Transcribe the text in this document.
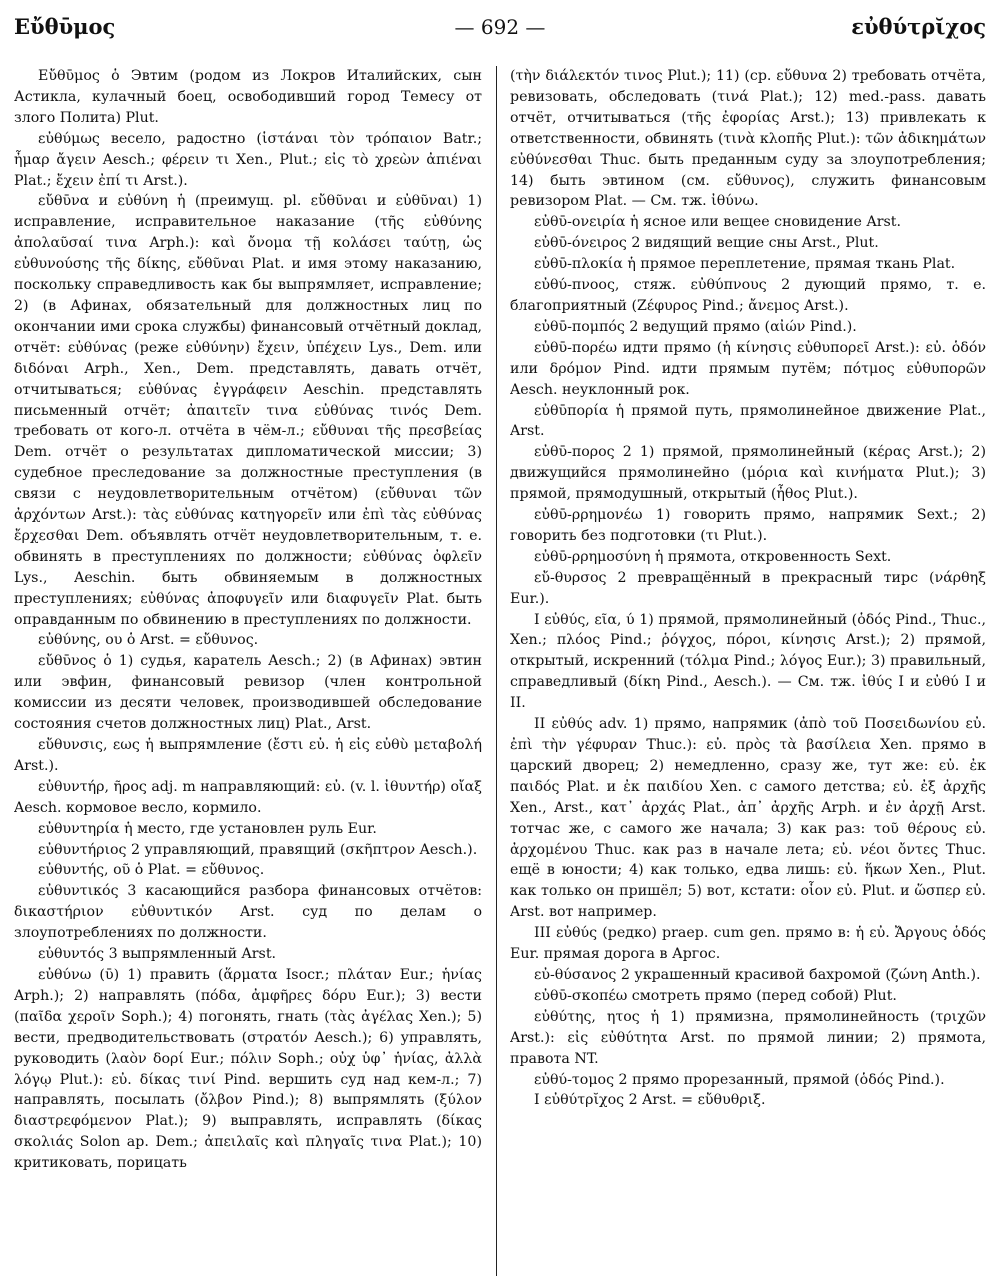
Εὔθῡμος	— 692 —	εὐθύτρῐχος

Εὔθῡμος ὁ Эвтим (родом из Локров Италийских, сын Астикла, кулачный боец, освободивший город Темесу от злого Полита) Plut.

εὐθύμως весело, радостно (ἱστάναι τὸν τρόπαιον Batr.; ἦμαρ ἄγειν Aesch.; φέρειν τι Xen., Plut.; εἰς τὸ χρεὼν ἀπιέναι Plat.; ἔχειν ἐπί τι Arst.).

εὔθῡνα и εὐθύνη ἡ (преимущ. pl. εὔθῦναι и εὐθῦναι) 1) исправление, исправительное наказание (τῆς εὐθύνης ἀπολαῦσαί τινα Arph.): καὶ ὄνομα τῇ κολάσει ταύτῃ, ὡς εὐθυνούσης τῆς δίκης, εὔθῦναι Plat. и имя этому наказанию, поскольку справедливость как бы выпрямляет, исправление; 2) (в Афинах, обязательный для должностных лиц по окончании ими срока службы) финансовый отчётный доклад, отчёт: εὐθύνας (реже εὐθύνην) ἔχειν, ὑπέχειν Lys., Dem. или διδόναι Arph., Xen., Dem. представлять, давать отчёт, отчитываться; εὐθύνας ἐγγράφειν Aeschin. представлять письменный отчёт; ἀπαιτεῖν τινα εὐθύνας τινός Dem. требовать от кого-л. отчёта в чём-л.; εὔθυναι τῆς πρεσβείας Dem. отчёт о результатах дипломатической миссии; 3) судебное преследование за должностные преступления (в связи с неудовлетворительным отчётом) (εὔθυναι τῶν ἀρχόντων Arst.): τὰς εὐθύνας κατηγορεῖν или ἐπὶ τὰς εὐθύνας ἔρχεσθαι Dem. объявлять отчёт неудовлетворительным, т. е. обвинять в преступлениях по должности; εὐθύνας ὀφλεῖν Lys., Aeschin. быть обвиняемым в должностных преступлениях; εὐθύνας ἀποφυγεῖν или διαφυγεῖν Plat. быть оправданным по обвинению в преступлениях по должности.

εὐθύνης, ου ὁ Arst. = εὔθυνος.

εὔθῡνος ὁ 1) судья, каратель Aesch.; 2) (в Афинах) эвтин или эвфин, финансовый ревизор (член контрольной комиссии из десяти человек, производившей обследование состояния счетов должностных лиц) Plat., Arst.

εὔθυνσις, εως ἡ выпрямление (ἔστι εὐ. ἡ εἰς εὐθὺ μεταβολή Arst.).

εὐθυντήρ, ῆρος adj. m направляющий: εὐ. (v. l. ἰθυντήρ) οἴαξ Aesch. кормовое весло, кормило.

εὐθυντηρία ἡ место, где установлен руль Eur.

εὐθυντήριος 2 управляющий, правящий (σκῆπτρον Aesch.).

εὐθυντής, οῦ ὁ Plat. = εὔθυνος.

εὐθυντικός 3 касающийся разбора финансовых отчётов: δικαστήριον εὐθυντικόν Arst. суд по делам о злоупотреблениях по должности.

εὐθυντός 3 выпрямленный Arst.

εὐθύνω (ῡ) 1) править (ἅρματα Isocr.; πλάταν Eur.; ἡνίας Arph.); 2) направлять (πόδα, ἀμφῆρες δόρυ Eur.); 3) вести (παῖδα χεροῖν Soph.); 4) погонять, гнать (τὰς ἀγέλας Xen.); 5) вести, предводительствовать (στρατόν Aesch.); 6) управлять, руководить (λαὸν δορί Eur.; πόλιν Soph.; οὐχ ὑφ᾽ ἡνίας, ἀλλὰ λόγῳ Plut.): εὐ. δίκας τινί Pind. вершить суд над кем-л.; 7) направлять, посылать (ὄλβον Pind.); 8) выпрямлять (ξύλον διαστρεφόμενον Plat.); 9) выправлять, исправлять (δίκας σκολιάς Solon ap. Dem.; ἀπειλαῖς καὶ πληγαῖς τινα Plat.); 10) критиковать, порицать

(τὴν διάλεκτόν τινος Plut.); 11) (ср. εὔθυνα 2) требовать отчёта, ревизовать, обследовать (τινά Plat.); 12) med.-pass. давать отчёт, отчитываться (τῆς ἐφορίας Arst.); 13) привлекать к ответственности, обвинять (τινὰ κλοπῆς Plut.): τῶν ἀδικημάτων εὐθύνεσθαι Thuc. быть преданным суду за злоупотребления; 14) быть эвтином (см. εὔθυνος), служить финансовым ревизором Plat. — См. тж. ἰθύνω.

εὐθῡ-ονειρία ἡ ясное или вещее сновидение Arst.

εὐθῡ-όνειρος 2 видящий вещие сны Arst., Plut.

εὐθῡ-πλοκία ἡ прямое переплетение, прямая ткань Plat.

εὐθύ-πνοος, стяж. εὐθύπνους 2 дующий прямо, т. е. благоприятный (Ζέφυρος Pind.; ἄνεμος Arst.).

εὐθῡ-πομπός 2 ведущий прямо (αἰών Pind.).

εὐθῡ-πορέω идти прямо (ἡ κίνησις εὐθυπορεῖ Arst.): εὐ. ὁδόν или δρόμον Pind. идти прямым путём; πότμος εὐθυπορῶν Aesch. неуклонный рок.

εὐθῡπορία ἡ прямой путь, прямолинейное движение Plat., Arst.

εὐθῡ-πορος 2 1) прямой, прямолинейный (κέρας Arst.); 2) движущийся прямолинейно (μόρια καὶ κινήματα Plut.); 3) прямой, прямодушный, открытый (ἦθος Plut.).

εὐθῡ-ρρημονέω 1) говорить прямо, напрямик Sext.; 2) говорить без подготовки (τι Plut.).

εὐθῡ-ρρημοσύνη ἡ прямота, откровенность Sext.

εὔ-θυρσος 2 превращённый в прекрасный тирс (νάρθηξ Eur.).

I εὐθύς, εῖα, ύ 1) прямой, прямолинейный (ὁδός Pind., Thuc., Xen.; πλόος Pind.; ῥόγχος, πόροι, κίνησις Arst.); 2) прямой, открытый, искренний (τόλμα Pind.; λόγος Eur.); 3) правильный, справедливый (δίκη Pind., Aesch.). — См. тж. ἰθύς I и εὐθύ I и II.

II εὐθύς adv. 1) прямо, напрямик (ἀπὸ τοῦ Ποσειδωνίου εὐ. ἐπὶ τὴν γέφυραν Thuc.): εὐ. πρὸς τὰ βασίλεια Xen. прямо в царский дворец; 2) немедленно, сразу же, тут же: εὐ. ἐκ παιδός Plat. и ἐκ παιδίου Xen. с самого детства; εὐ. ἐξ ἀρχῆς Xen., Arst., κατ᾽ ἀρχάς Plat., ἀπ᾽ ἀρχῆς Arph. и ἐν ἀρχῇ Arst. тотчас же, с самого же начала; 3) как раз: τοῦ θέρους εὐ. ἀρχομένου Thuc. как раз в начале лета; εὐ. νέοι ὄντες Thuc. ещё в юности; 4) как только, едва лишь: εὐ. ἥκων Xen., Plut. как только он пришёл; 5) вот, кстати: οἷον εὐ. Plut. и ὥσπερ εὐ. Arst. вот например.

III εὐθύς (редко) praep. cum gen. прямо в: ἡ εὐ. Ἄργους ὁδός Eur. прямая дорога в Аргос.

εὐ-θύσανος 2 украшенный красивой бахромой (ζώνη Anth.).

εὐθῡ-σκοπέω смотреть прямо (перед собой) Plut.

εὐθύτης, ητος ἡ 1) прямизна, прямолинейность (τριχῶν Arst.): εἰς εὐθύτητα Arst. по прямой линии; 2) прямота, правота NT.

εὐθύ-τομος 2 прямо прорезанный, прямой (ὁδός Pind.).

I εὐθύτρῐχος 2 Arst. = εὔθυθριξ.
